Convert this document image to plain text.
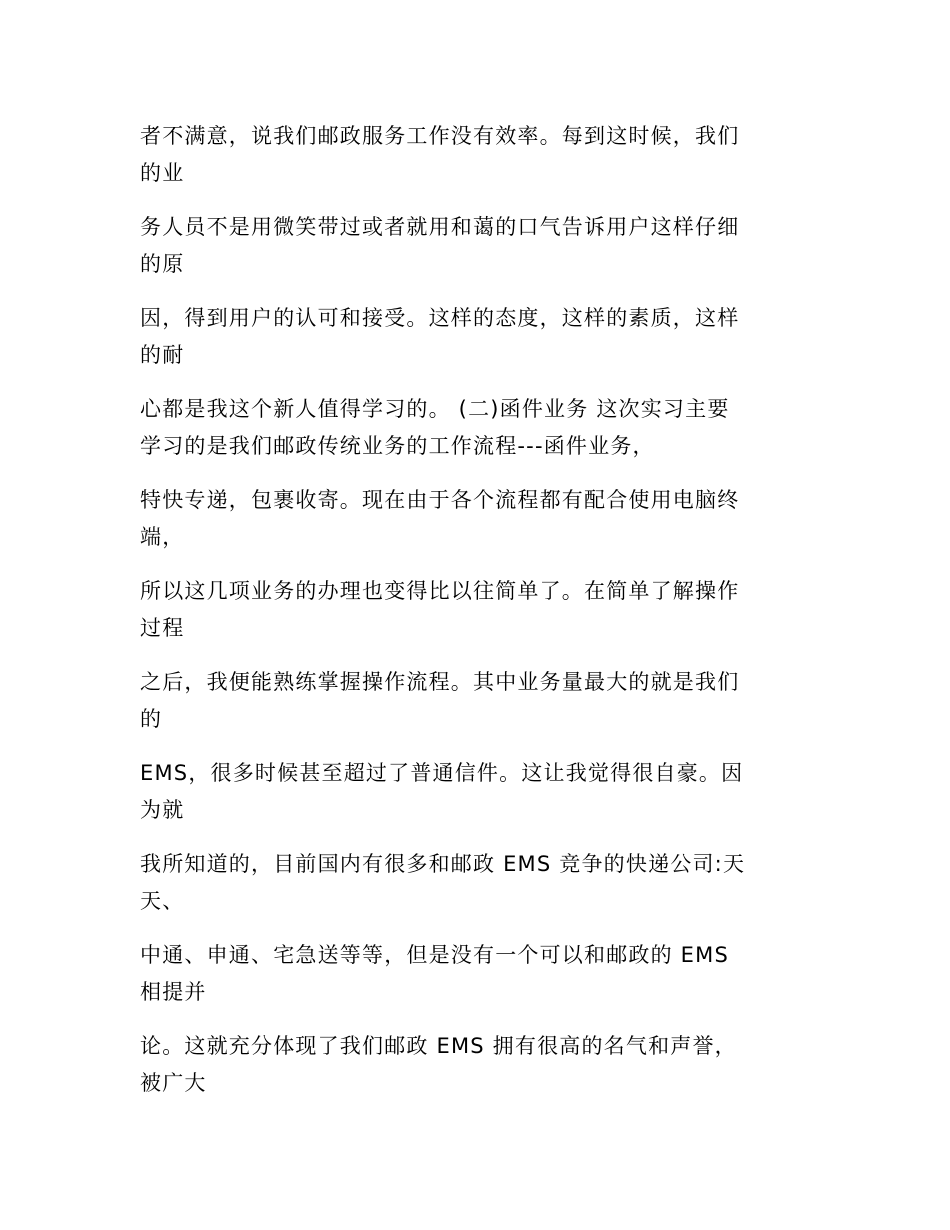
者不满意，说我们邮政服务工作没有效率。每到这时候，我们
的业
务人员不是用微笑带过或者就用和蔼的口气告诉用户这样仔细
的原
因，得到用户的认可和接受。这样的态度，这样的素质，这样
的耐
心都是我这个新人值得学习的。 (二)函件业务 这次实习主要
学习的是我们邮政传统业务的工作流程---函件业务，
特快专递，包裹收寄。现在由于各个流程都有配合使用电脑终
端，
所以这几项业务的办理也变得比以往简单了。在简单了解操作
过程
之后，我便能熟练掌握操作流程。其中业务量最大的就是我们
的
EMS，很多时候甚至超过了普通信件。这让我觉得很自豪。因
为就
我所知道的，目前国内有很多和邮政 EMS 竞争的快递公司:天
天、
中通、申通、宅急送等等，但是没有一个可以和邮政的 EMS
相提并
论。这就充分体现了我们邮政 EMS 拥有很高的名气和声誉，
被广大
